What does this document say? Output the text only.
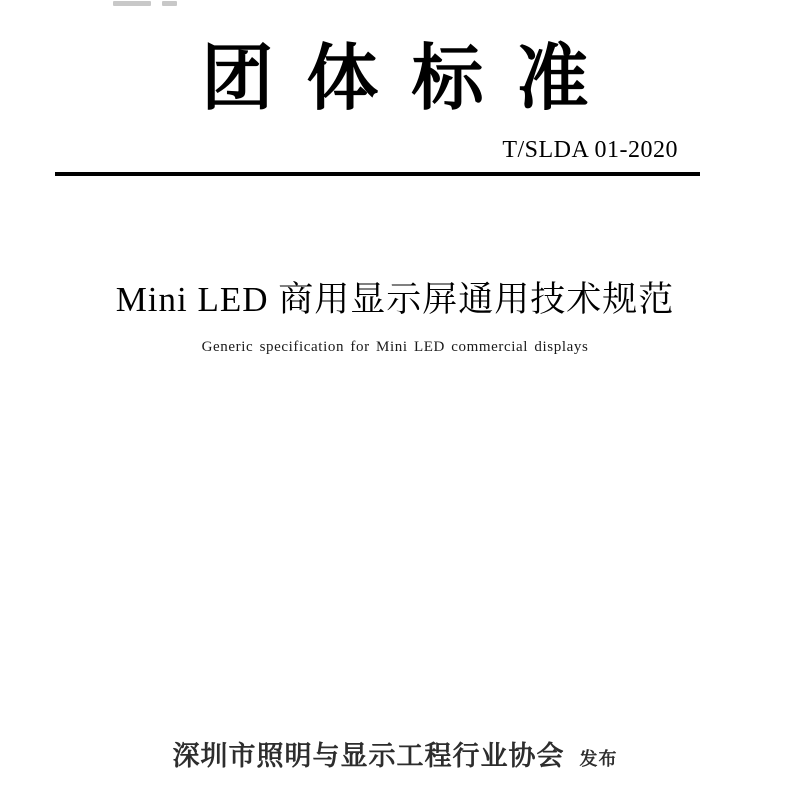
团体标准
T/SLDA 01-2020
Mini LED 商用显示屏通用技术规范
Generic specification for Mini LED commercial displays
深圳市照明与显示工程行业协会 发布
